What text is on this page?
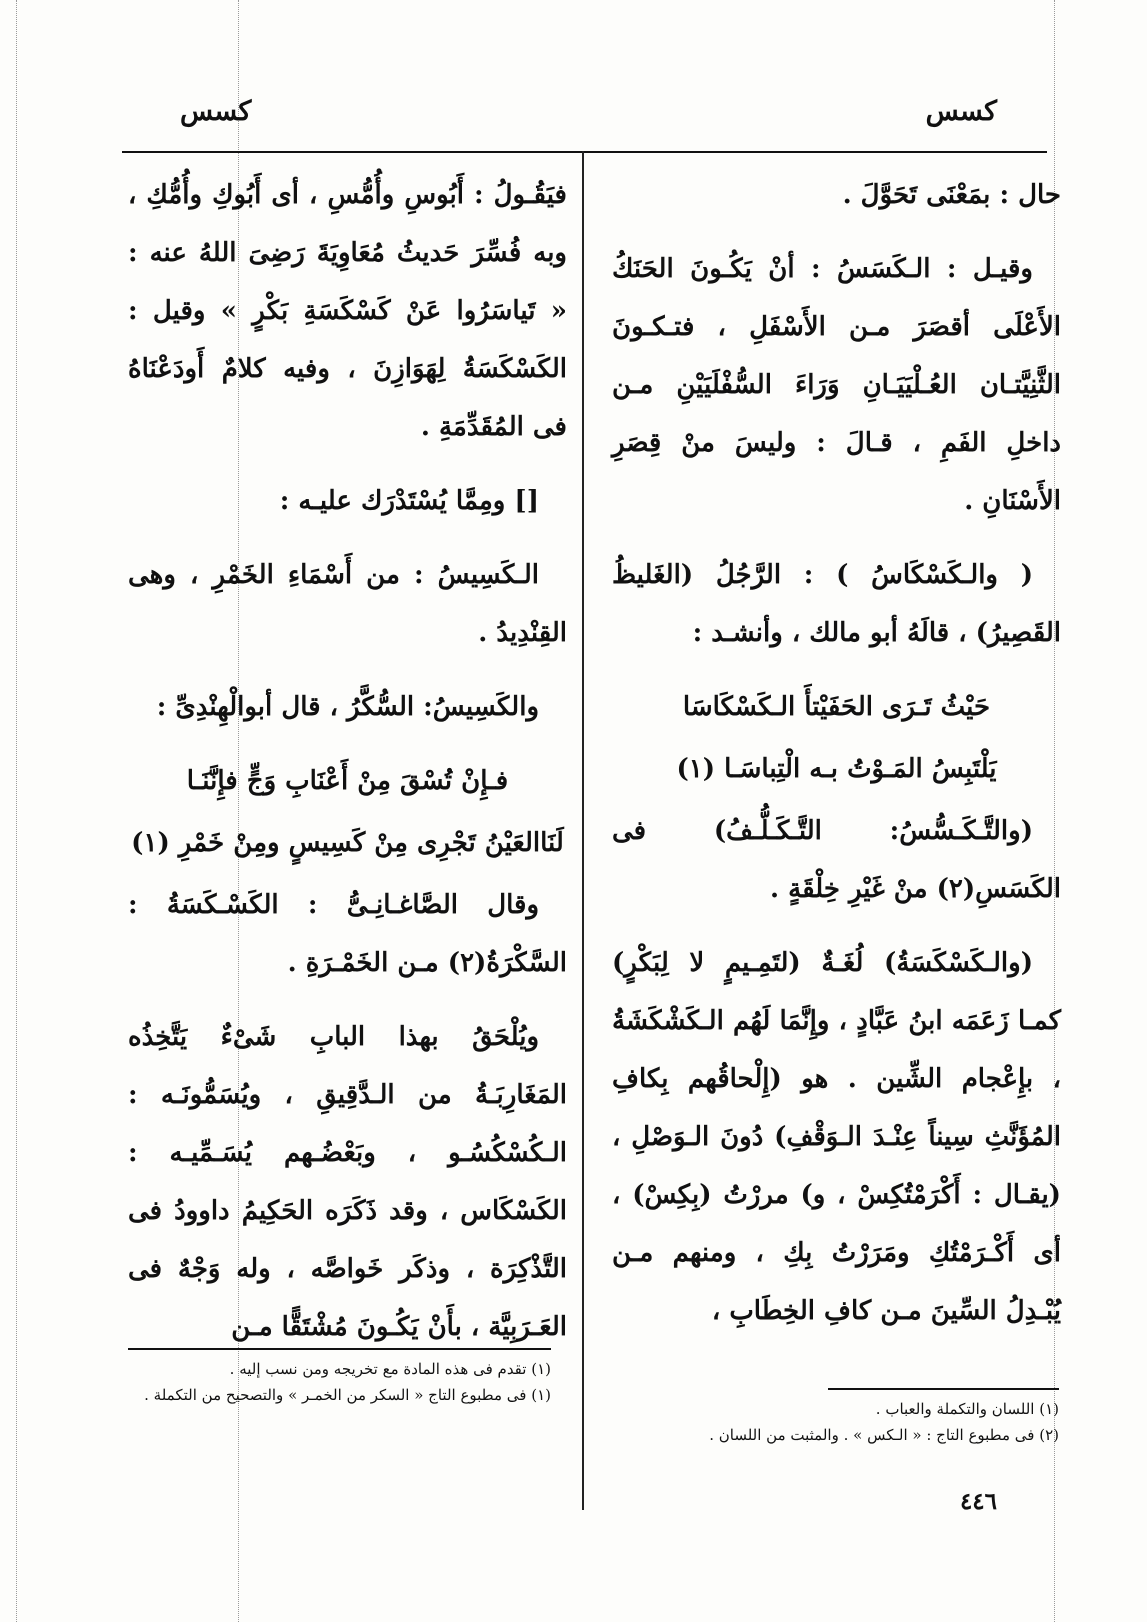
كسس
كسس

حال : بمَعْنَى تَحَوَّلَ .

وقيـل : الـكَسَسُ : أنْ يَكُـونَ الحَنَكُ الأَعْلَى أقصَرَ مـن الأَسْفَلِ ، فتـكـونَ الثَّنِيَّتـان العُـلْيَيَـانِ وَرَاءَ السُّفْلَيَيْنِ مـن داخلِ الفَمِ ، قـالَ : وليسَ منْ قِصَرِ الأَسْنَانِ .

( والـكَسْكَاسُ ) : الرَّجُلُ (الغَليظُ القَصِيرُ) ، قالَهُ أبو مالك ، وأنشـد :

حَيْثُ تَـرَى الحَفَيْتأَ الـكَسْكَاسَا

يَلْتَبِسُ المَـوْتُ بـه الْتِباسَـا (١)

(والتَّـكَـسُّسُ: التَّـكَـلُّـفُ) فى الكَسَسِ(٢) منْ غَيْرِ خِلْقَةٍ .

(والـكَسْكَسَةُ) لُغَـةٌ (لتَمِـيمٍ لا لِبَكْرٍ) كمـا زَعَمَه ابنُ عَبَّادٍ ، وإِنَّمَا لَهُم الـكَشْكَشَةُ ، بإِعْجام الشِّين . هو (إِلْحاقُهم بِكافِ المُؤَنَّثِ سِيناً عِنْـدَ الـوَقْفِ) دُونَ الـوَصْلِ ، (يقـال : أَكْرَمْتُكِسْ ، و) مررْتُ (بِكِسْ) ، أى أَكْـرَمْتُكِ ومَرَرْتُ بِكِ ، ومنهم مـن يُبْـدِلُ السِّينَ مـن كافِ الخِطَابِ ،

فيَقُـولُ : أَبُوسِ وأُمُّسِ ، أى أَبُوكِ وأُمُّكِ ، وبه فُسِّرَ حَديثُ مُعَاوِيَةَ رَضِىَ اللهُ عنه : « تَياسَرُوا عَنْ كَسْكَسَةِ بَكْرٍ » وقيل : الكَسْكَسَةُ لِهَوَازِنَ ، وفيه كلامٌ أَودَعْنَاهُ فى المُقَدِّمَةِ .

[] ومِمَّا يُسْتَدْرَك عليـه :

الـكَسِيسُ : من أَسْمَاءِ الخَمْرِ ، وهى القِنْدِيدُ .

والكَسِيسُ: السُّكَّرُ ، قال أبوالْهِنْدِىِّ :

فـإِنْ تُسْقَ مِنْ أَعْنَابِ وَجٍّ فإِنَّنَـا

لَنَاالعَيْنُ تَجْرِى مِنْ كَسِيسٍ ومِنْ خَمْرِ (١)

وقال الصَّاغـانِـىُّ : الكَسْـكَسَةُ : السَّكْرَةُ(٢) مـن الخَمْـرَةِ .

ويُلْحَقُ بهذا البابِ شَىْءٌ يَتَّخِذُه المَغَارِبَـةُ من الـدَّقِيقِ ، ويُسَمُّونَـه : الـكُسْكُسُـو ، وبَعْضُـهم يُسَـمِّيـه : الكَسْكَاس ، وقد ذَكَرَه الحَكِيمُ داوودُ فى التَّذْكِرَة ، وذكَر خَواصَّه ، وله وَجْهٌ فى العَـرَبِيَّة ، بأَنْ يَكُـونَ مُشْتَقًّا مـن

(١) اللسان والتكملة والعباب .
(٢) فى مطبوع التاج : « الـكس » . والمثبت من اللسان .
(١) تقدم فى هذه المادة مع تخريجه ومن نسب إليه .
(١) فى مطبوع التاج « السكر من الخمـر » والتصحيح من التكملة .
٤٤٦
